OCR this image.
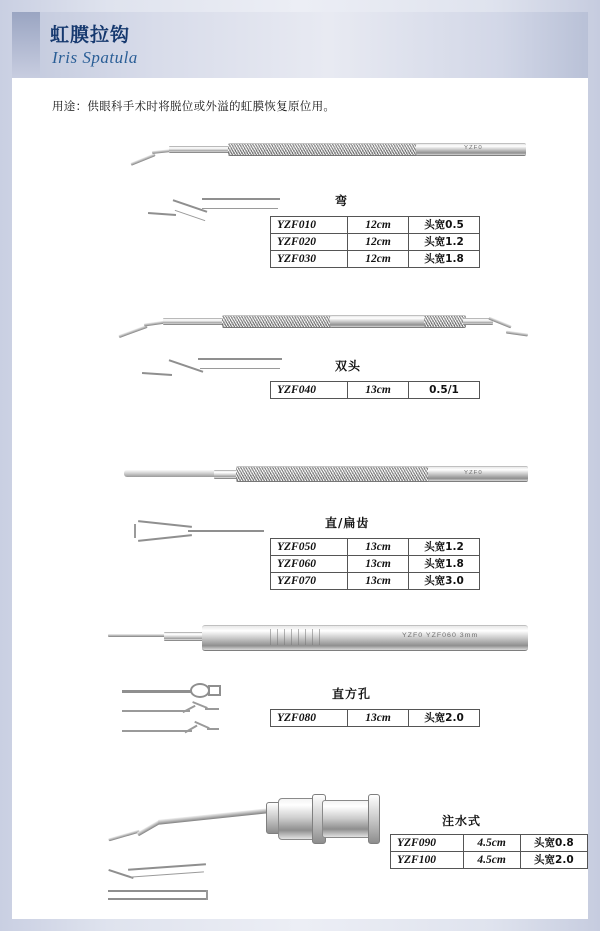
虹膜拉钩
Iris Spatula
用途：供眼科手术时将脱位或外溢的虹膜恢复原位用。
YZF0
弯
YZF010	12cm	头宽0.5
YZF020	12cm	头宽1.2
YZF030	12cm	头宽1.8
双头
YZF040	13cm	0.5/1
YZF0
直/扁齿
YZF050	13cm	头宽1.2
YZF060	13cm	头宽1.8
YZF070	13cm	头宽3.0
YZF0 YZF060 3mm
直方孔
YZF080	13cm	头宽2.0
注水式
YZF090	4.5cm	头宽0.8
YZF100	4.5cm	头宽2.0
